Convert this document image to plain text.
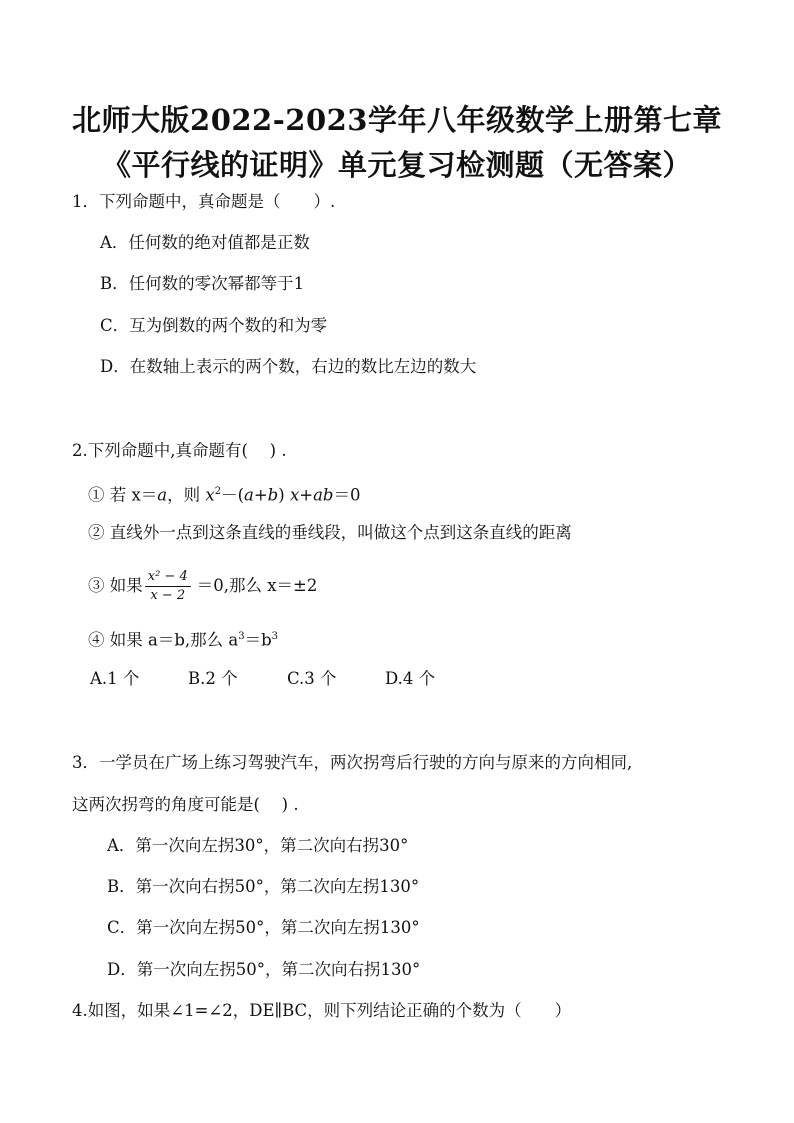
北师大版2022-2023学年八年级数学上册第七章
《平行线的证明》单元复习检测题（无答案）
1．下列命题中，真命题是（　　）.
A．任何数的绝对值都是正数
B．任何数的零次幂都等于1
C．互为倒数的两个数的和为零
D．在数轴上表示的两个数，右边的数比左边的数大
2.下列命题中,真命题有(　 ) .
① 若 x＝a，则 $x^2-(a+b)$ x+ab＝0
② 直线外一点到这条直线的垂线段，叫做这个点到这条直线的距离
③ 如果 $\frac{\text{x² − 4}}{x - 2} =0$,那么 x＝±2
④ 如果 a＝b,那么 $a^3=b^3$
A.1 个	B.2 个	C.3 个	D.4 个
3．一学员在广场上练习驾驶汽车，两次拐弯后行驶的方向与原来的方向相同,
这两次拐弯的角度可能是(　 ) .
A．第一次向左拐30°，第二次向右拐30°
B．第一次向右拐50°，第二次向左拐130°
C．第一次向左拐50°，第二次向左拐130°
D．第一次向左拐50°，第二次向右拐130°
4.如图，如果∠1=∠2，DE∥BC，则下列结论正确的个数为（　　）
